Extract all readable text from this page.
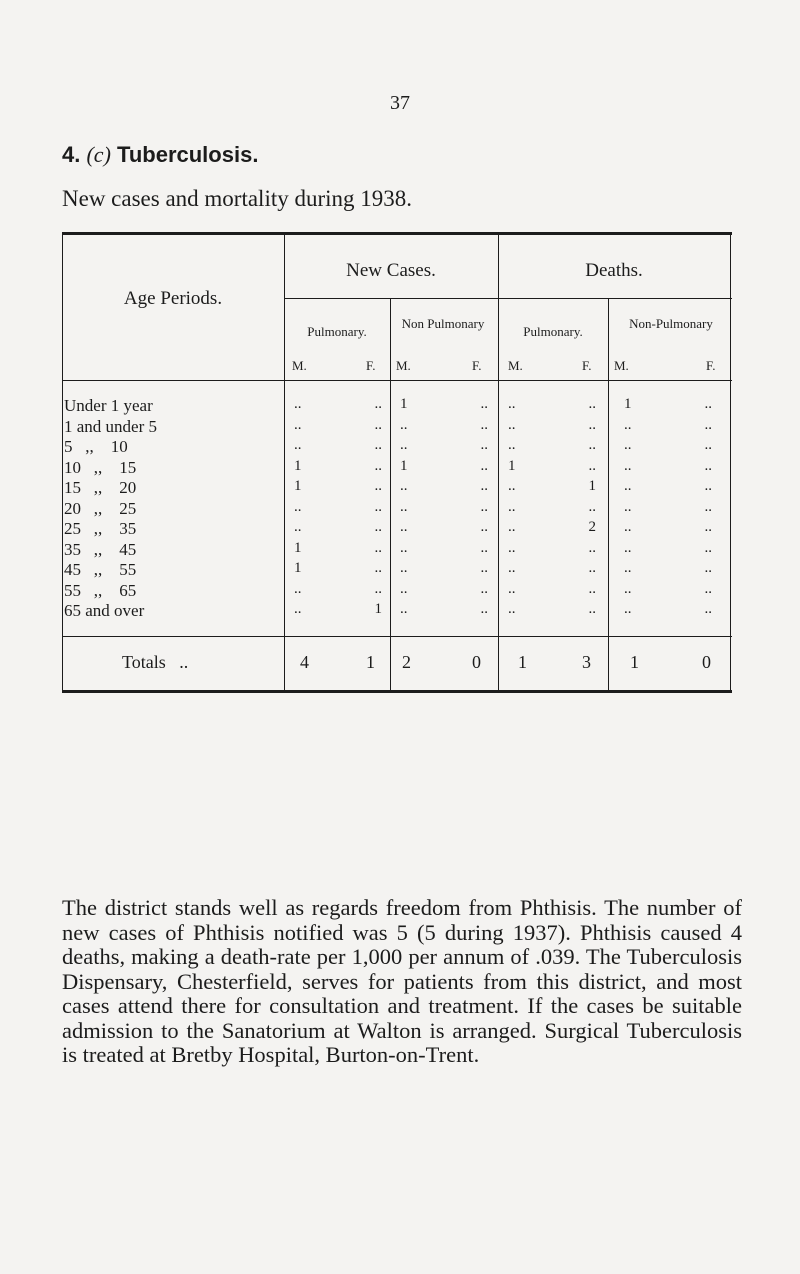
37
4. (c) Tuberculosis.
New cases and mortality during 1938.
Age Periods.
New Cases.	Deaths.
Pulmonary.
Non Pulmonary
Pulmonary.
Non-Pulmonary
M.	F. M.	F. M.	F. M.	F.
Under 1 year	..	.. 1	.. ..	.. 1	..
1 and under 5	..	.. ..	.. ..	.. ..	..
5   ,,    10	..	.. ..	.. ..	.. ..	..
10   ,,    15	1	.. 1	.. 1	.. ..	..
15   ,,    20	1	.. ..	.. ..	1 ..	..
20   ,,    25	..	.. ..	.. ..	.. ..	..
25   ,,    35	..	.. ..	.. ..	2 ..	..
35   ,,    45	1	.. ..	.. ..	.. ..	..
45   ,,    55	1	.. ..	.. ..	.. ..	..
55   ,,    65	..	.. ..	.. ..	.. ..	..
65 and over	..	1 ..	.. ..	.. ..	..
Totals   ..	4	1 2	0 1	3 1	0
The district stands well as regards freedom from Phthisis. The number of new cases of Phthisis notified was 5 (5 during 1937). Phthisis caused 4 deaths, making a death-rate per 1,000 per annum of .039. The Tuberculosis Dispensary, Chesterfield, serves for patients from this district, and most cases attend there for consultation and treatment. If the cases be suitable admission to the Sanatorium at Walton is arranged. Surgical Tuberculosis is treated at Bretby Hospital, Burton-on-Trent.
